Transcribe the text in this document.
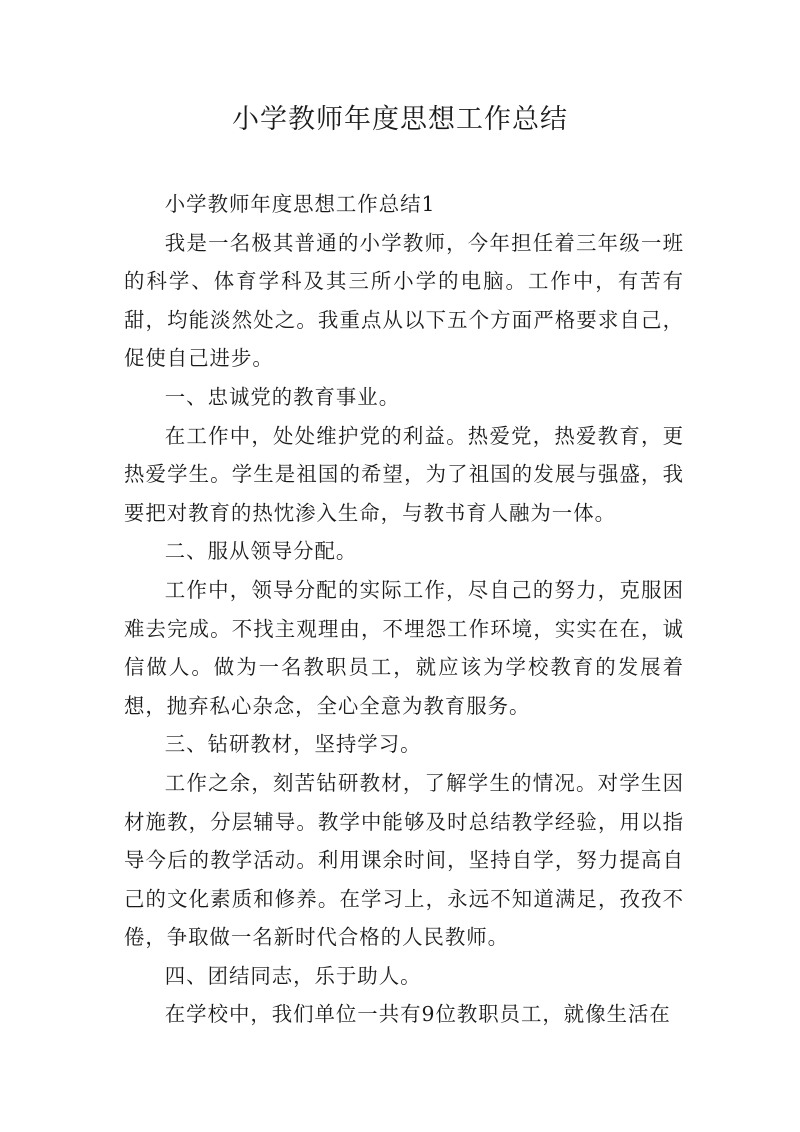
小学教师年度思想工作总结

小学教师年度思想工作总结1

我是一名极其普通的小学教师，今年担任着三年级一班的科学、体育学科及其三所小学的电脑。工作中，有苦有甜，均能淡然处之。我重点从以下五个方面严格要求自己，促使自己进步。

一、忠诚党的教育事业。

在工作中，处处维护党的利益。热爱党，热爱教育，更热爱学生。学生是祖国的希望，为了祖国的发展与强盛，我要把对教育的热忱渗入生命，与教书育人融为一体。

二、服从领导分配。

工作中，领导分配的实际工作，尽自己的努力，克服困难去完成。不找主观理由，不埋怨工作环境，实实在在，诚信做人。做为一名教职员工，就应该为学校教育的发展着想，抛弃私心杂念，全心全意为教育服务。

三、钻研教材，坚持学习。

工作之余，刻苦钻研教材，了解学生的情况。对学生因材施教，分层辅导。教学中能够及时总结教学经验，用以指导今后的教学活动。利用课余时间，坚持自学，努力提高自己的文化素质和修养。在学习上，永远不知道满足，孜孜不倦，争取做一名新时代合格的人民教师。

四、团结同志，乐于助人。

在学校中，我们单位一共有9位教职员工，就像生活在
